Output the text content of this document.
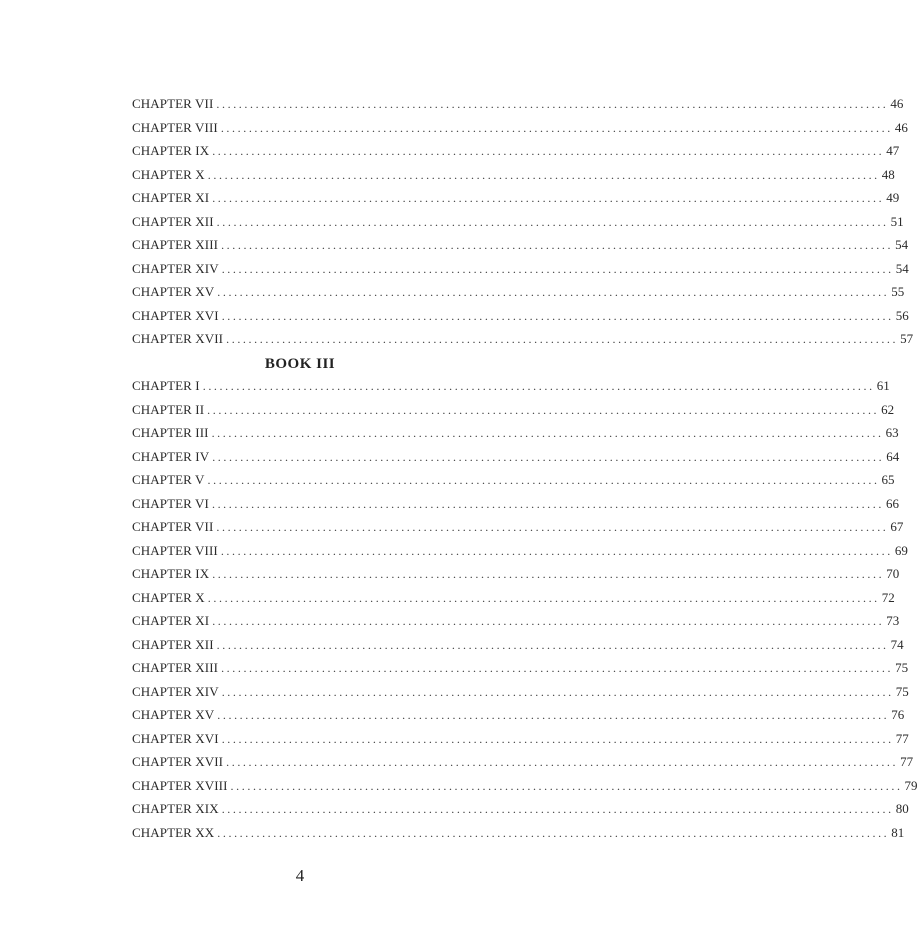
CHAPTER VII ........................................................................................................................ 46
CHAPTER VIII ........................................................................................................................ 46
CHAPTER IX ........................................................................................................................ 47
CHAPTER X ........................................................................................................................ 48
CHAPTER XI ........................................................................................................................ 49
CHAPTER XII ........................................................................................................................ 51
CHAPTER XIII ........................................................................................................................ 54
CHAPTER XIV ........................................................................................................................ 54
CHAPTER XV ........................................................................................................................ 55
CHAPTER XVI ........................................................................................................................ 56
CHAPTER XVII ........................................................................................................................ 57
BOOK III
CHAPTER I ........................................................................................................................ 61
CHAPTER II ........................................................................................................................ 62
CHAPTER III ........................................................................................................................ 63
CHAPTER IV ........................................................................................................................ 64
CHAPTER V ........................................................................................................................ 65
CHAPTER VI ........................................................................................................................ 66
CHAPTER VII ........................................................................................................................ 67
CHAPTER VIII ........................................................................................................................ 69
CHAPTER IX ........................................................................................................................ 70
CHAPTER X ........................................................................................................................ 72
CHAPTER XI ........................................................................................................................ 73
CHAPTER XII ........................................................................................................................ 74
CHAPTER XIII ........................................................................................................................ 75
CHAPTER XIV ........................................................................................................................ 75
CHAPTER XV ........................................................................................................................ 76
CHAPTER XVI ........................................................................................................................ 77
CHAPTER XVII ........................................................................................................................ 77
CHAPTER XVIII ........................................................................................................................ 79
CHAPTER XIX ........................................................................................................................ 80
CHAPTER XX ........................................................................................................................ 81
4
